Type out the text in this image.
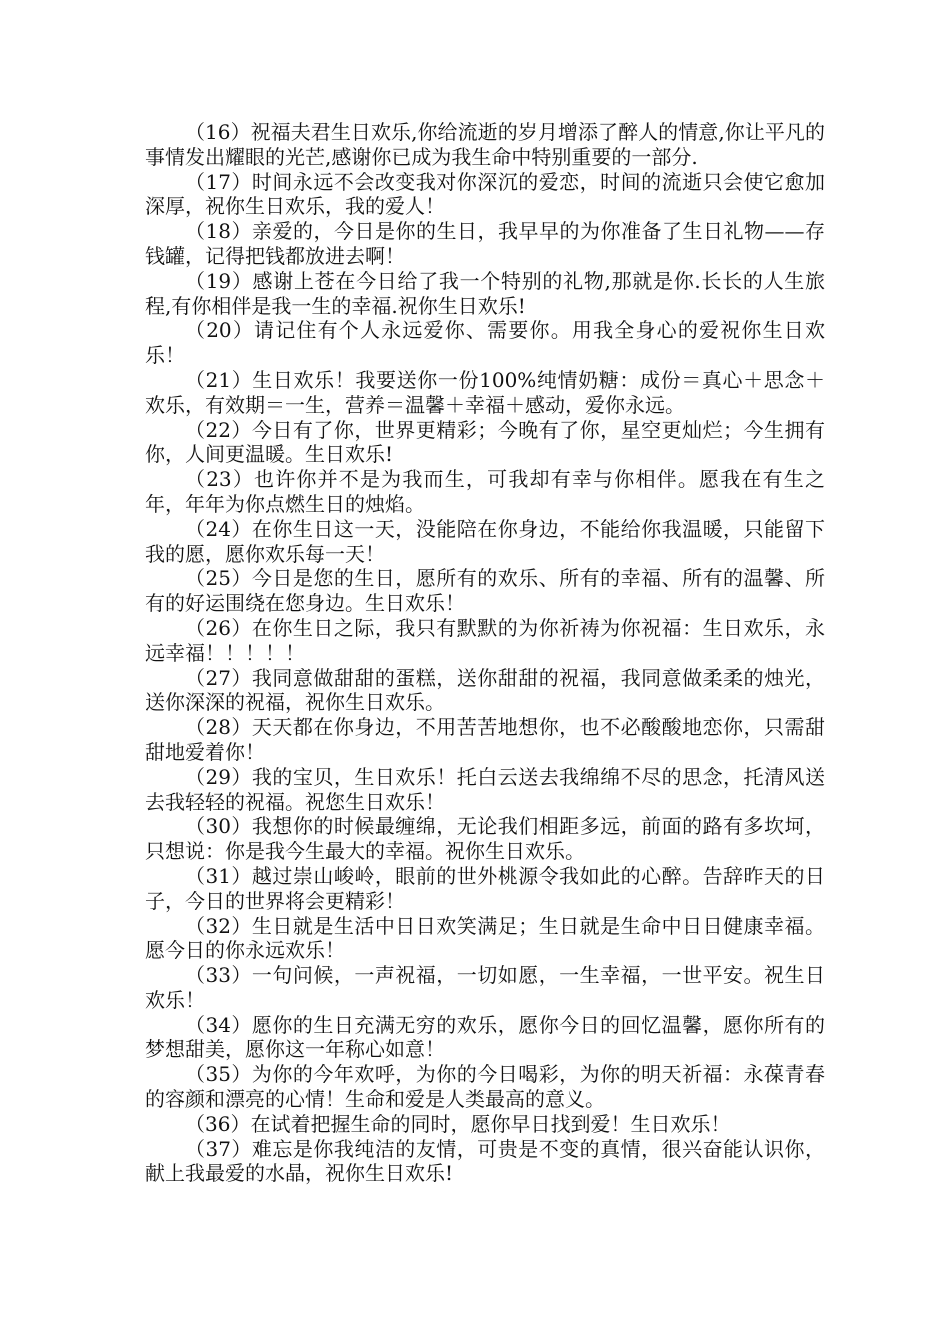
（16）祝福夫君生日欢乐,你给流逝的岁月增添了醉人的情意,你让平凡的事情发出耀眼的光芒,感谢你已成为我生命中特别重要的一部分.

（17）时间永远不会改变我对你深沉的爱恋，时间的流逝只会使它愈加深厚，祝你生日欢乐，我的爱人！

（18）亲爱的，今日是你的生日，我早早的为你准备了生日礼物——存钱罐，记得把钱都放进去啊！

（19）感谢上苍在今日给了我一个特别的礼物,那就是你.长长的人生旅程,有你相伴是我一生的幸福.祝你生日欢乐!

（20）请记住有个人永远爱你、需要你。用我全身心的爱祝你生日欢乐！

（21）生日欢乐！我要送你一份100%纯情奶糖：成份＝真心＋思念＋欢乐，有效期＝一生，营养＝温馨＋幸福＋感动，爱你永远。

（22）今日有了你，世界更精彩；今晚有了你，星空更灿烂；今生拥有你，人间更温暖。生日欢乐!

（23）也许你并不是为我而生，可我却有幸与你相伴。愿我在有生之年，年年为你点燃生日的烛焰。

（24）在你生日这一天，没能陪在你身边，不能给你我温暖，只能留下我的愿，愿你欢乐每一天！

（25）今日是您的生日，愿所有的欢乐、所有的幸福、所有的温馨、所有的好运围绕在您身边。生日欢乐！

（26）在你生日之际，我只有默默的为你祈祷为你祝福：生日欢乐，永远幸福！！！！！

（27）我同意做甜甜的蛋糕，送你甜甜的祝福，我同意做柔柔的烛光，送你深深的祝福，祝你生日欢乐。

（28）天天都在你身边，不用苦苦地想你，也不必酸酸地恋你，只需甜甜地爱着你！

（29）我的宝贝，生日欢乐！托白云送去我绵绵不尽的思念，托清风送去我轻轻的祝福。祝您生日欢乐！

（30）我想你的时候最缠绵，无论我们相距多远，前面的路有多坎坷，只想说：你是我今生最大的幸福。祝你生日欢乐。

（31）越过崇山峻岭，眼前的世外桃源令我如此的心醉。告辞昨天的日子，今日的世界将会更精彩！

（32）生日就是生活中日日欢笑满足；生日就是生命中日日健康幸福。愿今日的你永远欢乐！

（33）一句问候，一声祝福，一切如愿，一生幸福，一世平安。祝生日欢乐！

（34）愿你的生日充满无穷的欢乐，愿你今日的回忆温馨，愿你所有的梦想甜美，愿你这一年称心如意！

（35）为你的今年欢呼，为你的今日喝彩，为你的明天祈福：永葆青春的容颜和漂亮的心情！生命和爱是人类最高的意义。

（36）在试着把握生命的同时，愿你早日找到爱！生日欢乐！

（37）难忘是你我纯洁的友情，可贵是不变的真情，很兴奋能认识你，献上我最爱的水晶，祝你生日欢乐!
